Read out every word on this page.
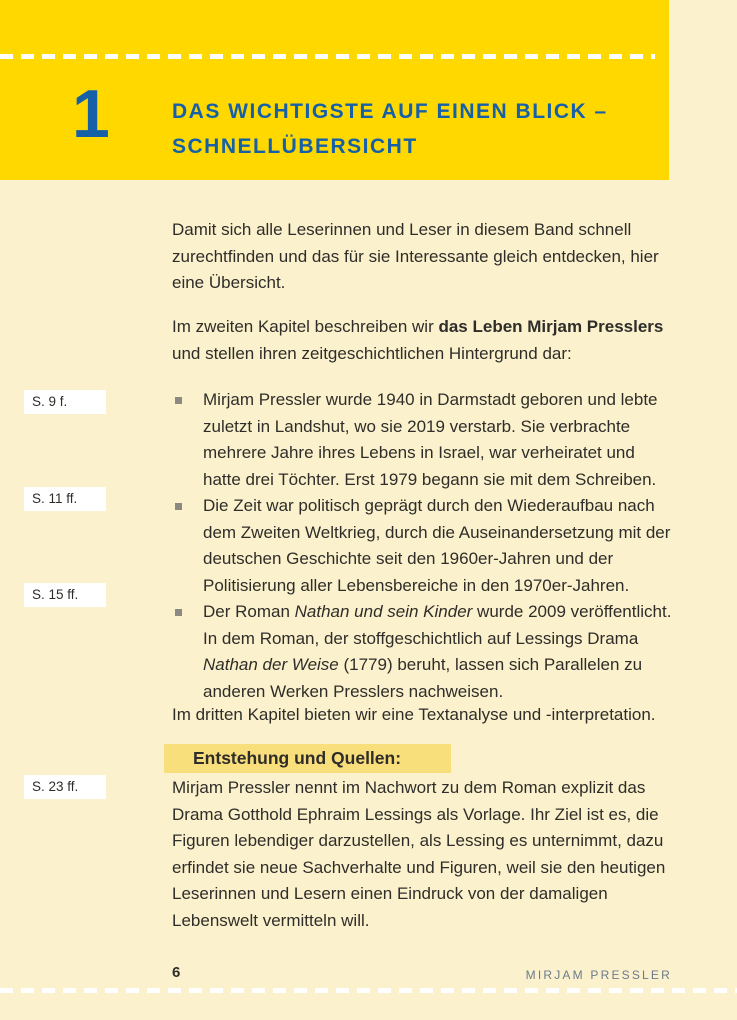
1	DAS WICHTIGSTE AUF EINEN BLICK –
SCHNELLÜBERSICHT
Damit sich alle Leserinnen und Leser in diesem Band schnell zurechtfinden und das für sie Interessante gleich entdecken, hier eine Übersicht.
Im zweiten Kapitel beschreiben wir das Leben Mirjam Presslers und stellen ihren zeitgeschichtlichen Hintergrund dar:
S. 9 f.
S. 11 ff.
S. 15 ff.
S. 23 ff.
Mirjam Pressler wurde 1940 in Darmstadt geboren und lebte zuletzt in Landshut, wo sie 2019 verstarb. Sie verbrachte mehrere Jahre ihres Lebens in Israel, war verheiratet und hatte drei Töchter. Erst 1979 begann sie mit dem Schreiben.
Die Zeit war politisch geprägt durch den Wiederaufbau nach dem Zweiten Weltkrieg, durch die Auseinandersetzung mit der deutschen Geschichte seit den 1960er-Jahren und der Politisierung aller Lebensbereiche in den 1970er-Jahren.
Der Roman Nathan und sein Kinder wurde 2009 veröffentlicht. In dem Roman, der stoffgeschichtlich auf Lessings Drama Nathan der Weise (1779) beruht, lassen sich Parallelen zu anderen Werken Presslers nachweisen.
Im dritten Kapitel bieten wir eine Textanalyse und -interpretation.
Entstehung und Quellen:
Mirjam Pressler nennt im Nachwort zu dem Roman explizit das Drama Gotthold Ephraim Lessings als Vorlage. Ihr Ziel ist es, die Figuren lebendiger darzustellen, als Lessing es unternimmt, dazu erfindet sie neue Sachverhalte und Figuren, weil sie den heutigen Leserinnen und Lesern einen Eindruck von der damaligen Lebenswelt vermitteln will.
6	MIRJAM PRESSLER
